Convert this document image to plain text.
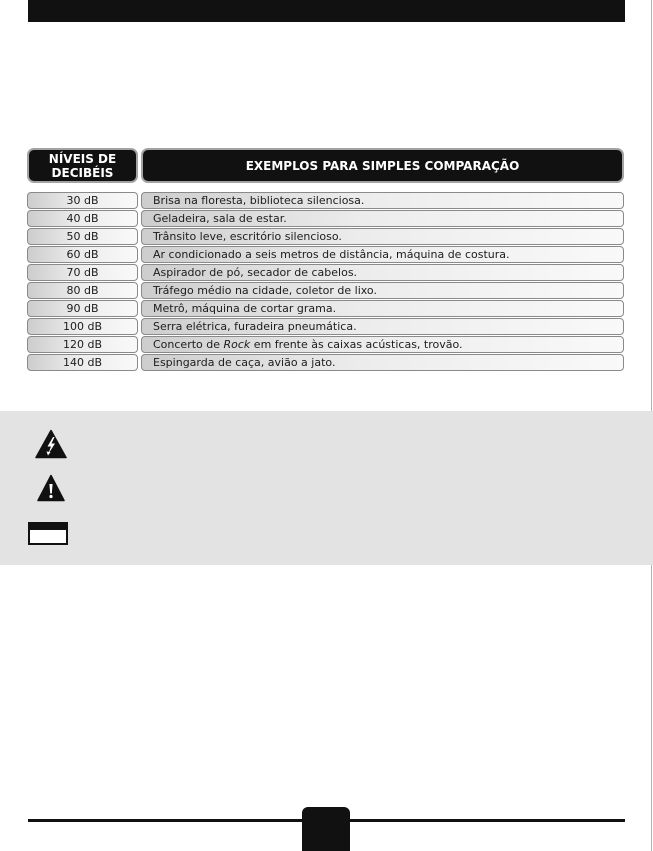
NÍVEIS DE
DECIBÉIS	EXEMPLOS PARA SIMPLES COMPARAÇÃO
30 dB	Brisa na floresta, biblioteca silenciosa.
40 dB	Geladeira, sala de estar.
50 dB	Trânsito leve, escritório silencioso.
60 dB	Ar condicionado a seis metros de distância, máquina de costura.
70 dB	Aspirador de pó, secador de cabelos.
80 dB	Tráfego médio na cidade, coletor de lixo.
90 dB	Metrô, máquina de cortar grama.
100 dB	Serra elétrica, furadeira pneumática.
120 dB	Concerto de Rock em frente às caixas acústicas, trovão.
140 dB	Espingarda de caça, avião a jato.
